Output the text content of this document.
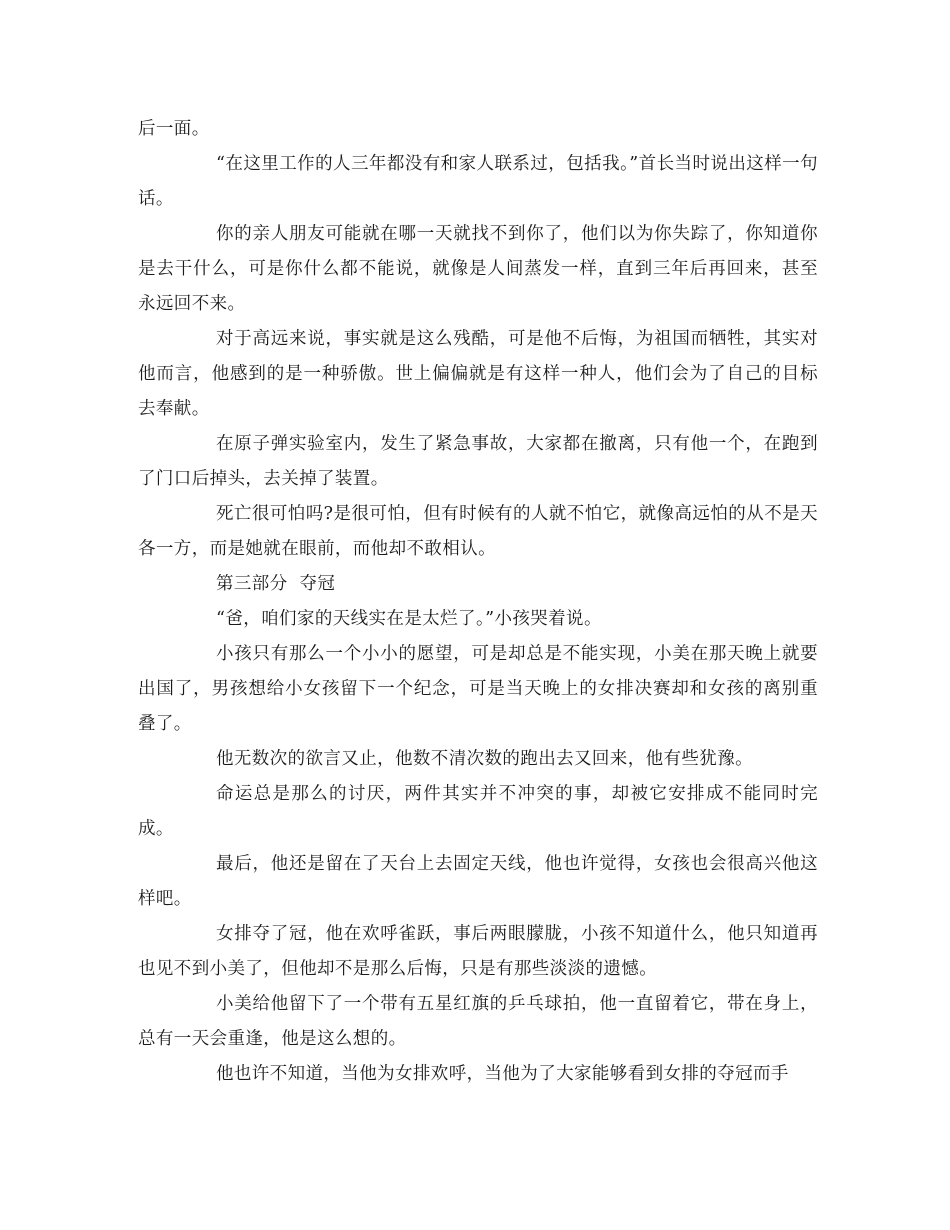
后一面。

“在这里工作的人三年都没有和家人联系过，包括我。”首长当时说出这样一句话。

你的亲人朋友可能就在哪一天就找不到你了，他们以为你失踪了，你知道你是去干什么，可是你什么都不能说，就像是人间蒸发一样，直到三年后再回来，甚至永远回不来。

对于高远来说，事实就是这么残酷，可是他不后悔，为祖国而牺牲，其实对他而言，他感到的是一种骄傲。世上偏偏就是有这样一种人，他们会为了自己的目标去奉献。

在原子弹实验室内，发生了紧急事故，大家都在撤离，只有他一个，在跑到了门口后掉头，去关掉了装置。

死亡很可怕吗?是很可怕，但有时候有的人就不怕它，就像高远怕的从不是天各一方，而是她就在眼前，而他却不敢相认。

第三部分  夺冠

“爸，咱们家的天线实在是太烂了。”小孩哭着说。

小孩只有那么一个小小的愿望，可是却总是不能实现，小美在那天晚上就要出国了，男孩想给小女孩留下一个纪念，可是当天晚上的女排决赛却和女孩的离别重叠了。

他无数次的欲言又止，他数不清次数的跑出去又回来，他有些犹豫。

命运总是那么的讨厌，两件其实并不冲突的事，却被它安排成不能同时完成。

最后，他还是留在了天台上去固定天线，他也许觉得，女孩也会很高兴他这样吧。

女排夺了冠，他在欢呼雀跃，事后两眼朦胧，小孩不知道什么，他只知道再也见不到小美了，但他却不是那么后悔，只是有那些淡淡的遗憾。

小美给他留下了一个带有五星红旗的乒乓球拍，他一直留着它，带在身上，总有一天会重逢，他是这么想的。

他也许不知道，当他为女排欢呼，当他为了大家能够看到女排的夺冠而手
